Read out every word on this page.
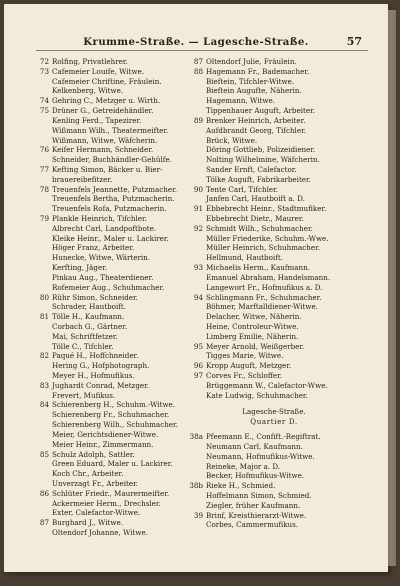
Krumme-Straße. — Lagesche-Straße.	57
72 Rolfing, Privatlehrer.
73 Cafemeier Louife, Witwe.
Cafemeier Chriftine, Fräulein.
Kelkenberg, Witwe.
74 Gehring C., Metzger u. Wirth.
75 Drüner G., Getreidehändler.
Kenling Ferd., Tapezirer.
Wißmann Wilh., Theatermeifter.
Wißmann, Witwe, Wäfcherin.
76 Keifer Hermann, Schneider.
Schneider, Buchhändler-Gehülfe.
77 Kefting Simon, Bäcker u. Bier-
brauereibefitzer.
78 Treuenfels Jeannette, Putzmacher.
Treuenfels Bertha, Putzmacherin.
Treuenfels Rofa, Putzmacherin.
79 Plankle Heinrich, Tifchler.
Albrecht Carl, Landpoftbote.
Kleike Heinr., Maler u. Lackirer.
Höger Franz, Arbeiter.
Hunecke, Witwe, Wärterin.
Kerfting, Jäger.
Pinkau Aug., Theaterdiener.
Rofemeier Aug., Schuhmacher.
80 Rühr Simon, Schneider.
Schrader, Hautboift.
81 Tölle H., Kaufmann.
Corbach G., Gärtner.
Mai, Schriftfetzer.
Tölle C., Tifchler.
82 Paqué H., Hoffchneider.
Hering G., Hofphotograph.
Meyer H., Hofmufikus.
83 Jughardt Conrad, Metzger.
Frevert, Mufikus.
84 Schierenberg H., Schuhm.-Witwe.
Schierenberg Fr., Schuhmacher.
Schierenberg Wilh., Schuhmacher.
Meier, Gerichtsdiener-Witwe.
Meier Heinr., Zimmermann.
85 Schulz Adolph, Sattler.
Green Eduard, Maler u. Lackirer.
Koch Chr., Arbeiter.
Unverzagt Fr., Arbeiter.
86 Schlüter Friedr., Maurermeifter.
Ackermeier Herm., Drechsler.
Exter, Calefactor-Witwe.
87 Burghard J., Witwe.
Oltendorf Johanne, Witwe.
87 Oltendorf Julie, Fräulein.
88 Hagemann Fr., Bademacher.
Bieftein, Tifchler-Witwe.
Bieftein Augufte, Näherin.
Hagemann, Witwe.
Tippenhauer Auguft, Arbeiter.
89 Brenker Heinrich, Arbeiter.
Aufdbrandt Georg, Tifchler.
Brück, Witwe.
Döring Gottlieb, Polizeidiener.
Nolting Wilhelmine, Wäfcherin.
Sander Ernft, Calefactor.
Tölke Auguft, Fabrikarbeiter.
90 Tente Carl, Tifchler.
Janfen Carl, Hautboift a. D.
91 Ebbebrecht Heinr., Stadtmufiker.
Ebbebrecht Dietr., Maurer.
92 Schmidt Wilh., Schuhmacher.
Müller Friederike, Schuhm.-Wwe.
Müller Heinrich, Schuhmacher.
Hellmund, Hautboift.
93 Michaelis Herm., Kaufmann.
Emanuel Abraham, Handelsmann.
Langewort Fr., Hofmufikus a. D.
94 Schlingmann Fr., Schuhmacher.
Böhmer, Marftalldiener-Witwe.
Delacher, Witwe, Näherin.
Heine, Controleur-Witwe.
Limberg Emilie, Näherin.
95 Meyer Arnold, Weißgerber.
Tigges Marie, Witwe.
96 Kropp Auguft, Metzger.
97 Corves Fr., Schloffer.
Brüggemann W., Calefactor-Wwe.
Kate Ludwig, Schuhmacher.
Lagesche-Straße.
Quartier D.
38a Pfeemann E., Confift.-Regiftrat.
Neumann Carl, Kaufmann.
Neumann, Hofmufikus-Witwe.
Reineke, Major a. D.
Becker, Hofmufikus-Witwe.
38b Rieke H., Schmied.
Hoffelmann Simon, Schmied.
Ziegler, früher Kaufmann.
39 Brinf, Kreisthierarzt-Witwe.
Corbes, Cammermufikus.
